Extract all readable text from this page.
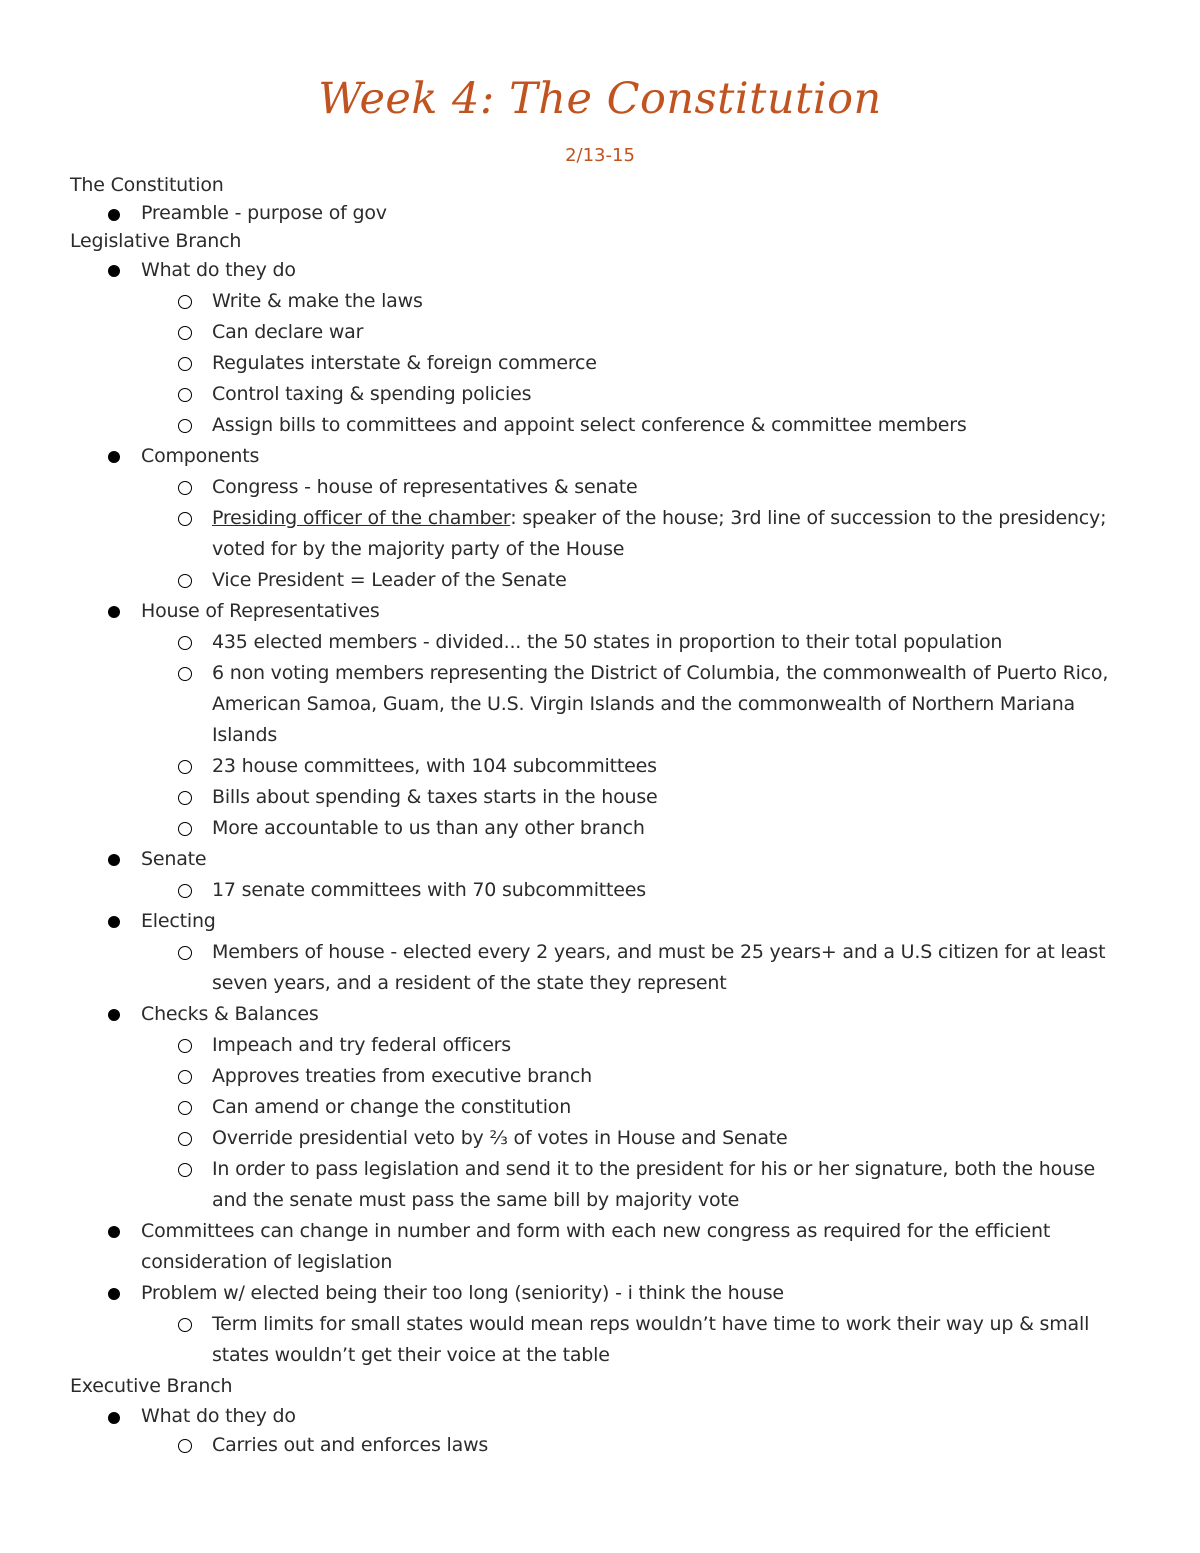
Week 4: The Constitution
2/13-15
The Constitution
Preamble - purpose of gov
Legislative Branch
What do they do
Write & make the laws
Can declare war
Regulates interstate & foreign commerce
Control taxing & spending policies
Assign bills to committees and appoint select conference & committee members
Components
Congress - house of representatives & senate
Presiding officer of the chamber: speaker of the house; 3rd line of succession to the presidency; voted for by the majority party of the House
Vice President = Leader of the Senate
House of Representatives
435 elected members - divided... the 50 states in proportion to their total population
6 non voting members representing the District of Columbia, the commonwealth of Puerto Rico, American Samoa, Guam, the U.S. Virgin Islands and the commonwealth of Northern Mariana Islands
23 house committees, with 104 subcommittees
Bills about spending & taxes starts in the house
More accountable to us than any other branch
Senate
17 senate committees with 70 subcommittees
Electing
Members of house - elected every 2 years, and must be 25 years+ and a U.S citizen for at least seven years, and a resident of the state they represent
Checks & Balances
Impeach and try federal officers
Approves treaties from executive branch
Can amend or change the constitution
Override presidential veto by ⅔ of votes in House and Senate
In order to pass legislation and send it to the president for his or her signature, both the house and the senate must pass the same bill by majority vote
Committees can change in number and form with each new congress as required for the efficient consideration of legislation
Problem w/ elected being their too long (seniority) - i think the house
Term limits for small states would mean reps wouldn’t have time to work their way up & small states wouldn’t get their voice at the table
Executive Branch
What do they do
Carries out and enforces laws
